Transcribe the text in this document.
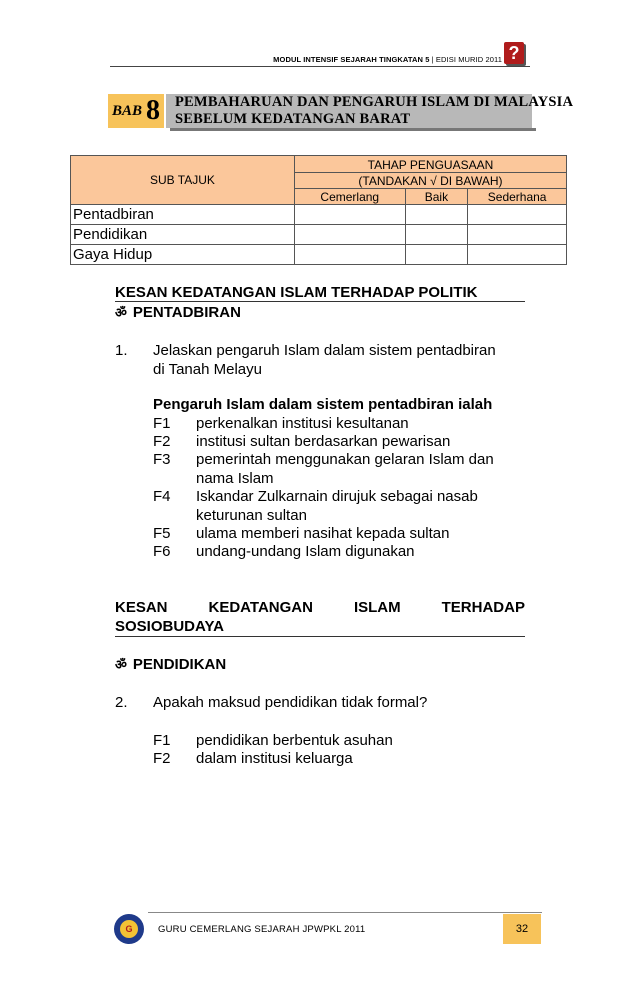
MODUL INTENSIF SEJARAH TINGKATAN 5 | EDISI MURID 2011 ?
BAB 8	PEMBAHARUAN DAN PENGARUH ISLAM DI MALAYSIA
SEBELUM KEDATANGAN BARAT
SUB TAJUK	TAHAP PENGUASAAN		
	(TANDAKAN √ DI BAWAH)		
	Cemerlang	Baik	Sederhana
Pentadbiran			
Pendidikan			
Gaya Hidup			
KESAN KEDATANGAN ISLAM TERHADAP POLITIK
ॐ PENTADBIRAN
1. Jelaskan pengaruh Islam dalam sistem pentadbiran
di Tanah Melayu
Pengaruh Islam dalam sistem pentadbiran ialah
F1 perkenalkan institusi kesultanan
F2 institusi sultan berdasarkan pewarisan
F3 pemerintah menggunakan gelaran Islam dan
nama Islam
F4 Iskandar Zulkarnain dirujuk sebagai nasab
keturunan sultan
F5 ulama memberi nasihat kepada sultan
F6 undang-undang Islam digunakan
KESAN	KEDATANGAN	ISLAM	TERHADAP
SOSIOBUDAYA
ॐ PENDIDIKAN
2. Apakah maksud pendidikan tidak formal?
F1 pendidikan berbentuk asuhan
F2 dalam institusi keluarga
G	GURU CEMERLANG SEJARAH JPWPKL 2011	32
